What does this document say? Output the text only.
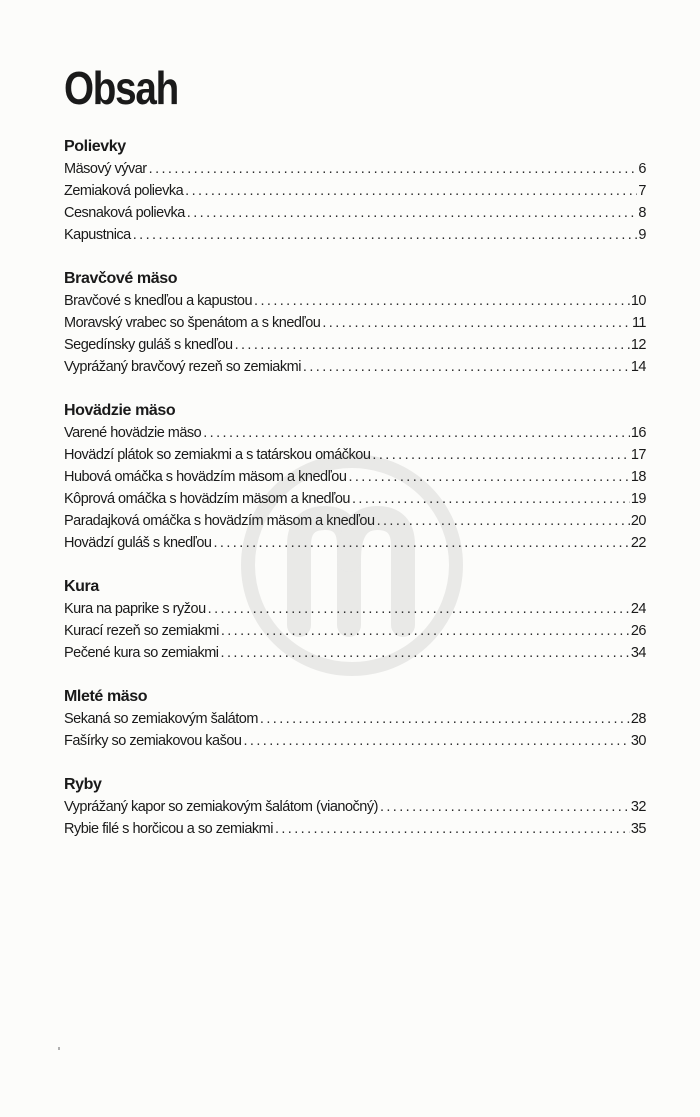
Obsah
Polievky
Mäsový vývar .....	6
Zemiaková polievka .....	7
Cesnaková polievka .....	8
Kapustnica .....	9
Bravčové mäso
Bravčové s knedľou a kapustou .....	10
Moravský vrabec so špenátom a s knedľou .....	11
Segedínsky guláš s knedľou .....	12
Vyprážaný bravčový rezeň so zemiakmi .....	14
Hovädzie mäso
Varené hovädzie mäso .....	16
Hovädzí plátok so zemiakmi a s tatárskou omáčkou .....	17
Hubová omáčka s hovädzím mäsom a knedľou .....	18
Kôprová omáčka s hovädzím mäsom a knedľou .....	19
Paradajková omáčka s hovädzím mäsom a knedľou .....	20
Hovädzí guláš s knedľou .....	22
Kura
Kura na paprike s ryžou .....	24
Kurací rezeň so zemiakmi .....	26
Pečené kura so zemiakmi .....	34
Mleté mäso
Sekaná so zemiakovým šalátom .....	28
Fašírky so zemiakovou kašou .....	30
Ryby
Vyprážaný kapor so zemiakovým šalátom (vianočný) .....	32
Rybie filé s horčicou a so zemiakmi .....	35
